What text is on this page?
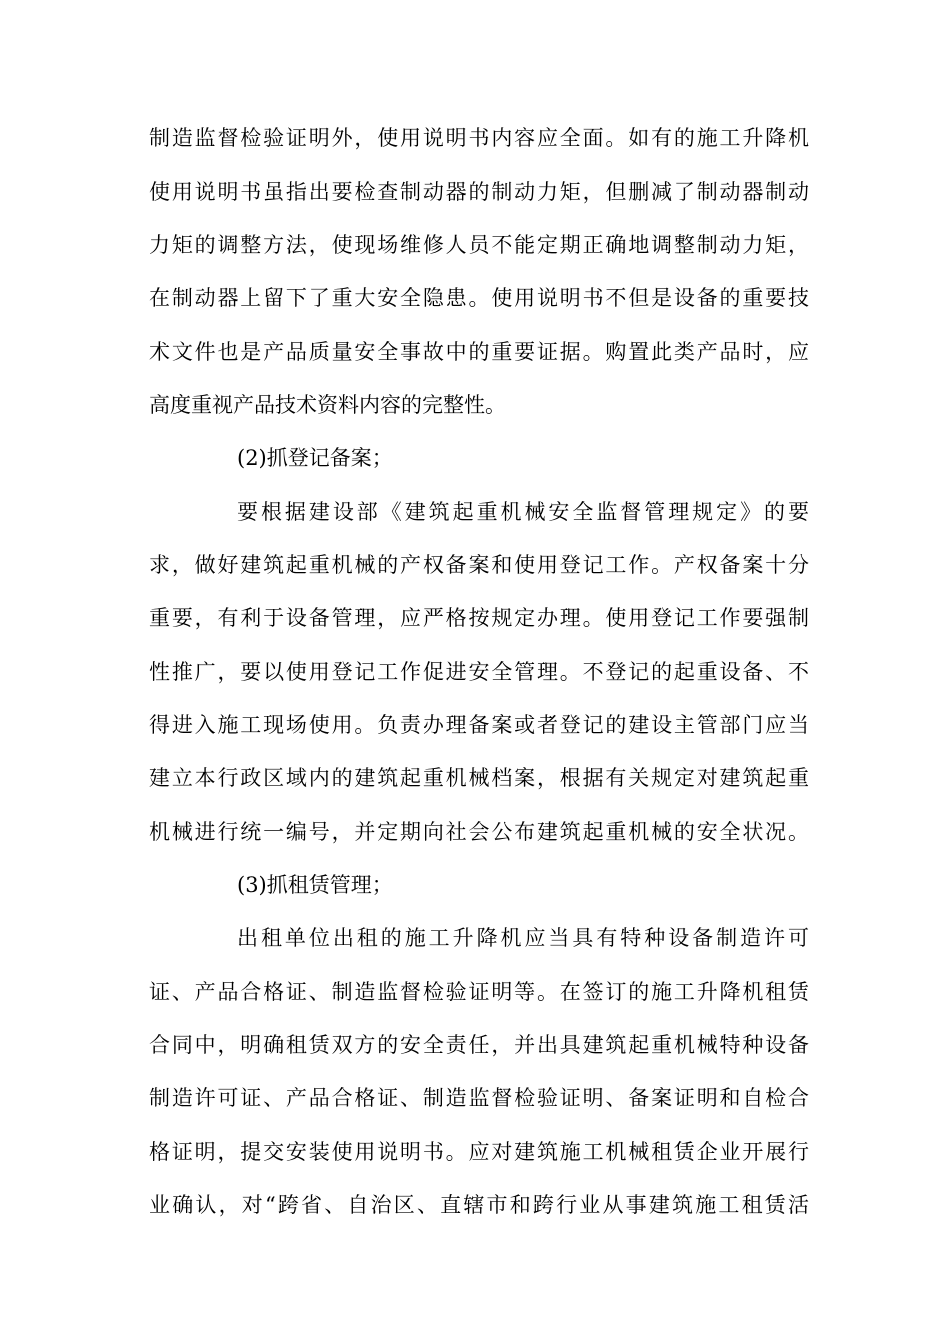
制造监督检验证明外，使用说明书内容应全面。如有的施工升降机
使用说明书虽指出要检查制动器的制动力矩，但删减了制动器制动
力矩的调整方法，使现场维修人员不能定期正确地调整制动力矩，
在制动器上留下了重大安全隐患。使用说明书不但是设备的重要技
术文件也是产品质量安全事故中的重要证据。购置此类产品时，应
高度重视产品技术资料内容的完整性。
(2)抓登记备案；
要根据建设部《建筑起重机械安全监督管理规定》的要
求，做好建筑起重机械的产权备案和使用登记工作。产权备案十分
重要，有利于设备管理，应严格按规定办理。使用登记工作要强制
性推广，要以使用登记工作促进安全管理。不登记的起重设备、不
得进入施工现场使用。负责办理备案或者登记的建设主管部门应当
建立本行政区域内的建筑起重机械档案，根据有关规定对建筑起重
机械进行统一编号，并定期向社会公布建筑起重机械的安全状况。
(3)抓租赁管理；
出租单位出租的施工升降机应当具有特种设备制造许可
证、产品合格证、制造监督检验证明等。在签订的施工升降机租赁
合同中，明确租赁双方的安全责任，并出具建筑起重机械特种设备
制造许可证、产品合格证、制造监督检验证明、备案证明和自检合
格证明，提交安装使用说明书。应对建筑施工机械租赁企业开展行
业确认，对“跨省、自治区、直辖市和跨行业从事建筑施工租赁活
